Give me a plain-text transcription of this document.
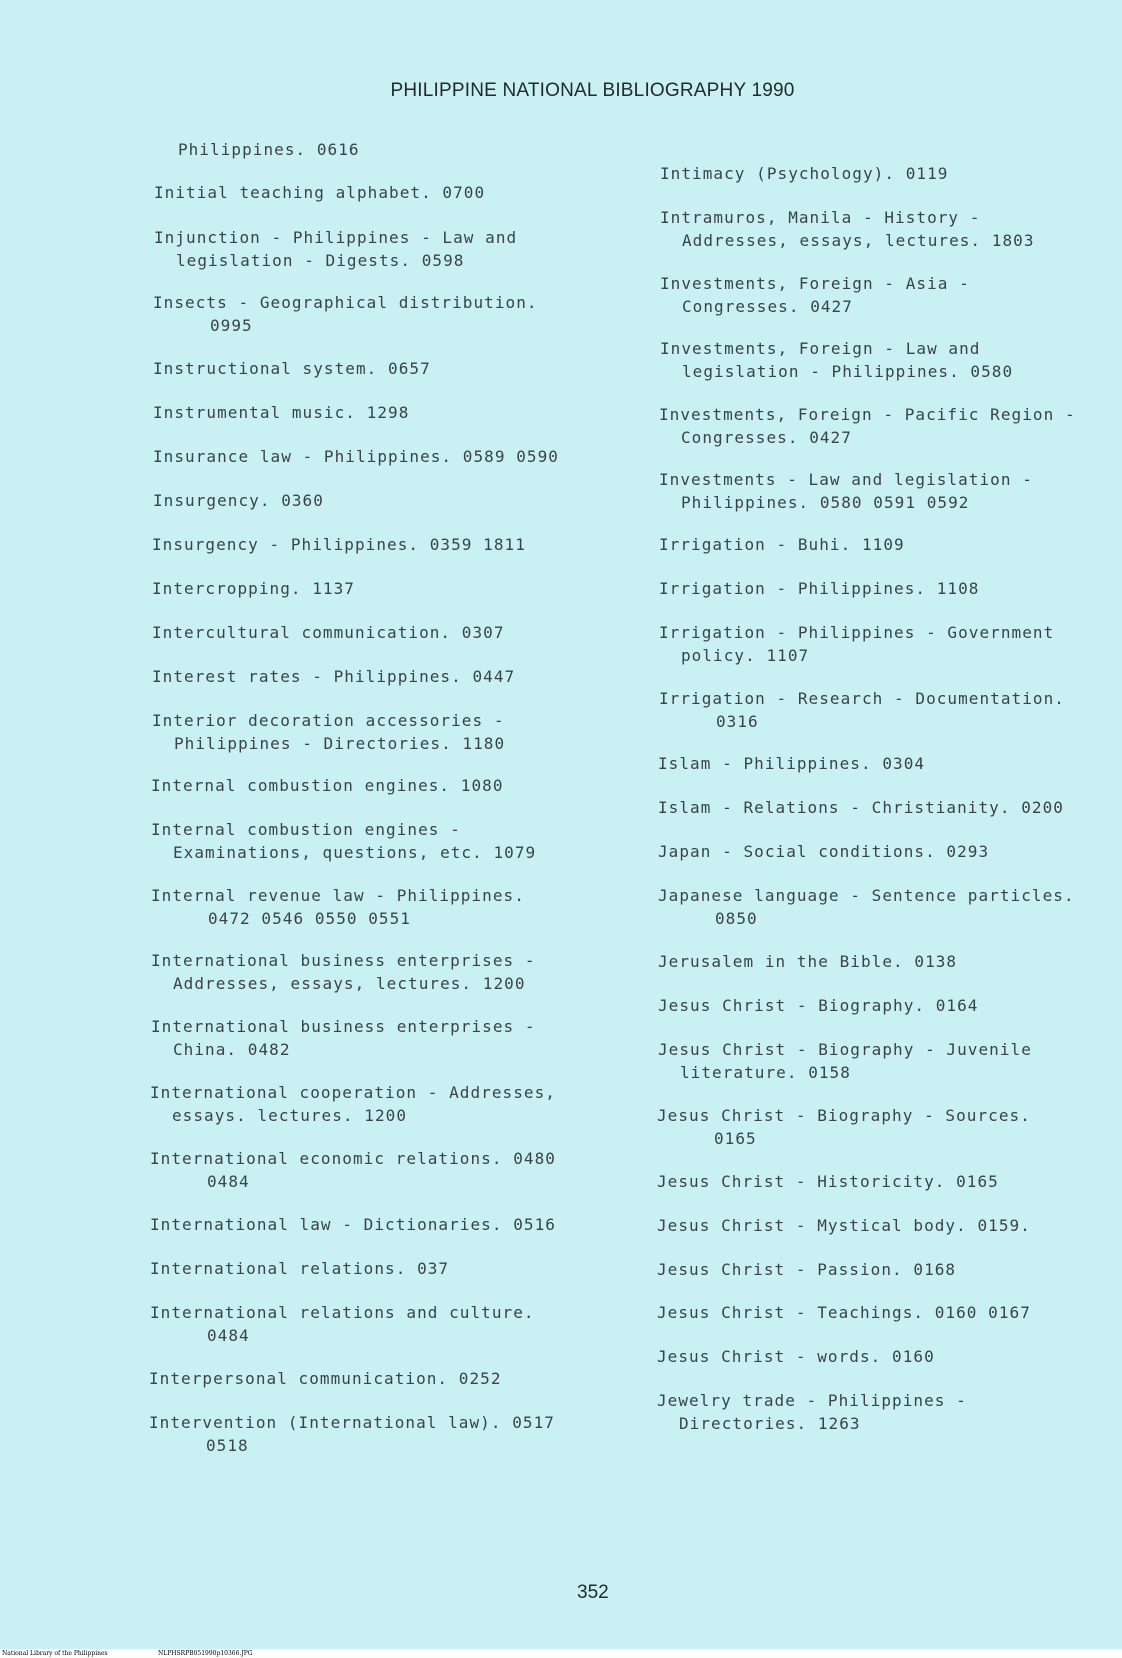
PHILIPPINE NATIONAL BIBLIOGRAPHY 1990
Philippines. 0616
Initial teaching alphabet. 0700
Injunction - Philippines - Law and
legislation - Digests. 0598
Insects - Geographical distribution.
0995
Instructional system. 0657
Instrumental music. 1298
Insurance law - Philippines. 0589 0590
Insurgency. 0360
Insurgency - Philippines. 0359 1811
Intercropping. 1137
Intercultural communication. 0307
Interest rates - Philippines. 0447
Interior decoration accessories -
Philippines - Directories. 1180
Internal combustion engines. 1080
Internal combustion engines -
Examinations, questions, etc. 1079
Internal revenue law - Philippines.
0472 0546 0550 0551
International business enterprises -
Addresses, essays, lectures. 1200
International business enterprises -
China. 0482
International cooperation - Addresses,
essays. lectures. 1200
International economic relations. 0480
0484
International law - Dictionaries. 0516
International relations. 037
International relations and culture.
0484
Interpersonal communication. 0252
Intervention (International law). 0517
0518
Intimacy (Psychology). 0119
Intramuros, Manila - History -
Addresses, essays, lectures. 1803
Investments, Foreign - Asia -
Congresses. 0427
Investments, Foreign - Law and
legislation - Philippines. 0580
Investments, Foreign - Pacific Region -
Congresses. 0427
Investments - Law and legislation -
Philippines. 0580 0591 0592
Irrigation - Buhi. 1109
Irrigation - Philippines. 1108
Irrigation - Philippines - Government
policy. 1107
Irrigation - Research - Documentation.
0316
Islam - Philippines. 0304
Islam - Relations - Christianity. 0200
Japan - Social conditions. 0293
Japanese language - Sentence particles.
0850
Jerusalem in the Bible. 0138
Jesus Christ - Biography. 0164
Jesus Christ - Biography - Juvenile
literature. 0158
Jesus Christ - Biography - Sources.
0165
Jesus Christ - Historicity. 0165
Jesus Christ - Mystical body. 0159.
Jesus Christ - Passion. 0168
Jesus Christ - Teachings. 0160 0167
Jesus Christ - words. 0160
Jewelry trade - Philippines -
Directories. 1263
352
National Library of the Philippines	NLPHSRPB051990p10366.JPG
